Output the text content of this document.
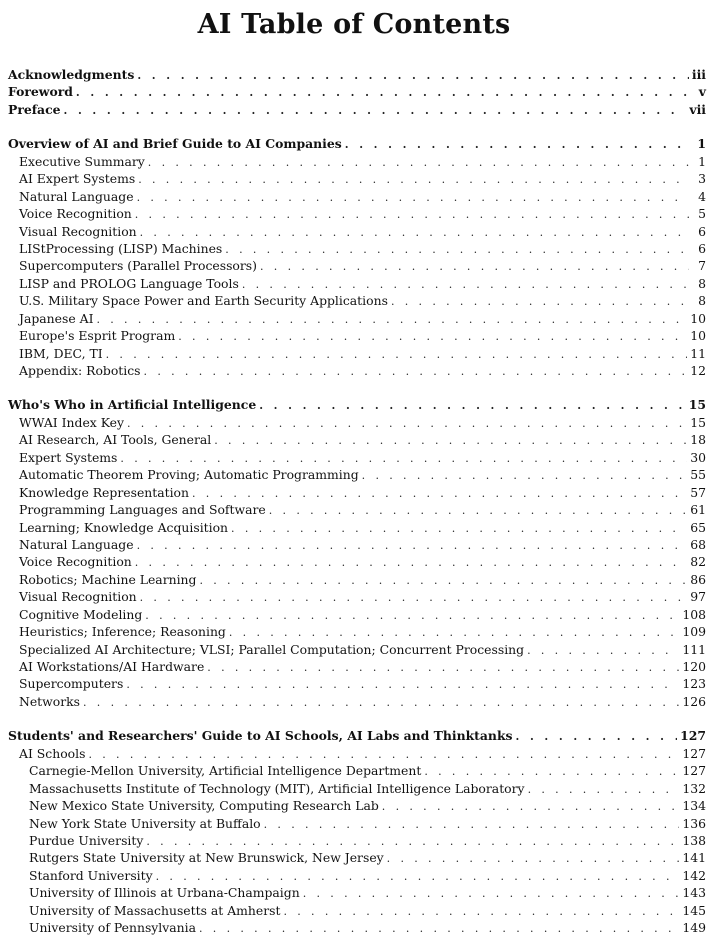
AI Table of Contents
Acknowledgments . . .	iii
Foreword . . .	v
Preface . . .	vii
Overview of AI and Brief Guide to AI Companies . . .	1
Executive Summary . . .	1
AI Expert Systems . . .	3
Natural Language . . .	4
Voice Recognition . . .	5
Visual Recognition . . .	6
LIStProcessing (LISP) Machines . . .	6
Supercomputers (Parallel Processors) . . .	7
LISP and PROLOG Language Tools . . .	8
U.S. Military Space Power and Earth Security Applications . . .	8
Japanese AI . . .	10
Europe's Esprit Program . . .	10
IBM, DEC, TI . . .	11
Appendix: Robotics . . .	12
Who's Who in Artificial Intelligence . . .	15
WWAI Index Key . . .	15
AI Research, AI Tools, General . . .	18
Expert Systems . . .	30
Automatic Theorem Proving; Automatic Programming . . .	55
Knowledge Representation . . .	57
Programming Languages and Software . . .	61
Learning; Knowledge Acquisition . . .	65
Natural Language . . .	68
Voice Recognition . . .	82
Robotics; Machine Learning . . .	86
Visual Recognition . . .	97
Cognitive Modeling . . .	108
Heuristics; Inference; Reasoning . . .	109
Specialized AI Architecture; VLSI; Parallel Computation; Concurrent Processing . . .	111
AI Workstations/AI Hardware . . .	120
Supercomputers . . .	123
Networks . . .	126
Students' and Researchers' Guide to AI Schools, AI Labs and Thinktanks . . .	127
AI Schools . . .	127
Carnegie-Mellon University, Artificial Intelligence Department . . .	127
Massachusetts Institute of Technology (MIT), Artificial Intelligence Laboratory . . .	132
New Mexico State University, Computing Research Lab . . .	134
New York State University at Buffalo . . .	136
Purdue University . . .	138
Rutgers State University at New Brunswick, New Jersey . . .	141
Stanford University . . .	142
University of Illinois at Urbana-Champaign . . .	143
University of Massachusetts at Amherst . . .	145
University of Pennsylvania . . .	149
